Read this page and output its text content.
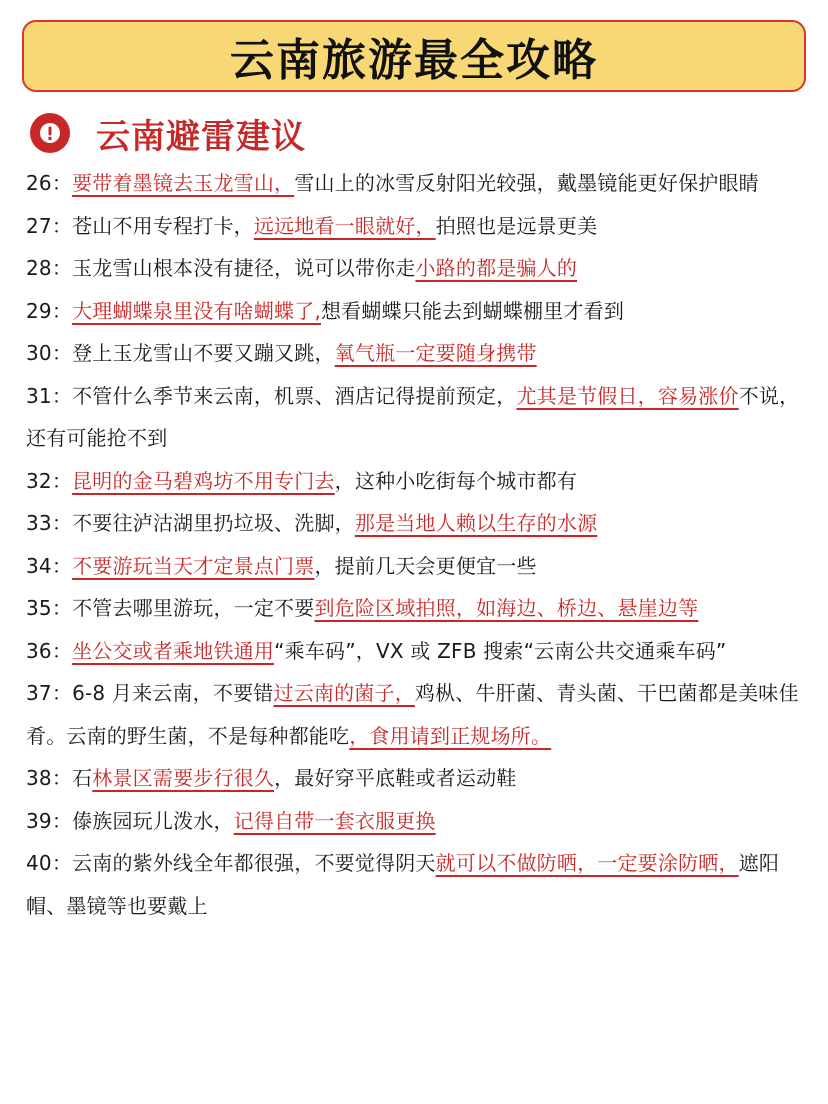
云南旅游最全攻略
云南避雷建议
26：要带着墨镜去玉龙雪山，雪山上的冰雪反射阳光较强，戴墨镜能更好保护眼睛
27：苍山不用专程打卡，远远地看一眼就好，拍照也是远景更美
28：玉龙雪山根本没有捷径，说可以带你走小路的都是骗人的
29：大理蝴蝶泉里没有啥蝴蝶了,想看蝴蝶只能去到蝴蝶棚里才看到
30：登上玉龙雪山不要又蹦又跳，氧气瓶一定要随身携带
31：不管什么季节来云南，机票、酒店记得提前预定，尤其是节假日，容易涨价不说，还有可能抢不到
32：昆明的金马碧鸡坊不用专门去，这种小吃街每个城市都有
33：不要往泸沽湖里扔垃圾、洗脚，那是当地人赖以生存的水源
34：不要游玩当天才定景点门票，提前几天会更便宜一些
35：不管去哪里游玩，一定不要到危险区域拍照，如海边、桥边、悬崖边等
36：坐公交或者乘地铁通用“乘车码”，VX 或 ZFB 搜索“云南公共交通乘车码”
37：6-8 月来云南，不要错过云南的菌子，鸡枞、牛肝菌、青头菌、干巴菌都是美味佳肴。云南的野生菌，不是每种都能吃，食用请到正规场所。
38：石林景区需要步行很久，最好穿平底鞋或者运动鞋
39：傣族园玩儿泼水，记得自带一套衣服更换
40：云南的紫外线全年都很强，不要觉得阴天就可以不做防晒，一定要涂防晒，遮阳帽、墨镜等也要戴上
